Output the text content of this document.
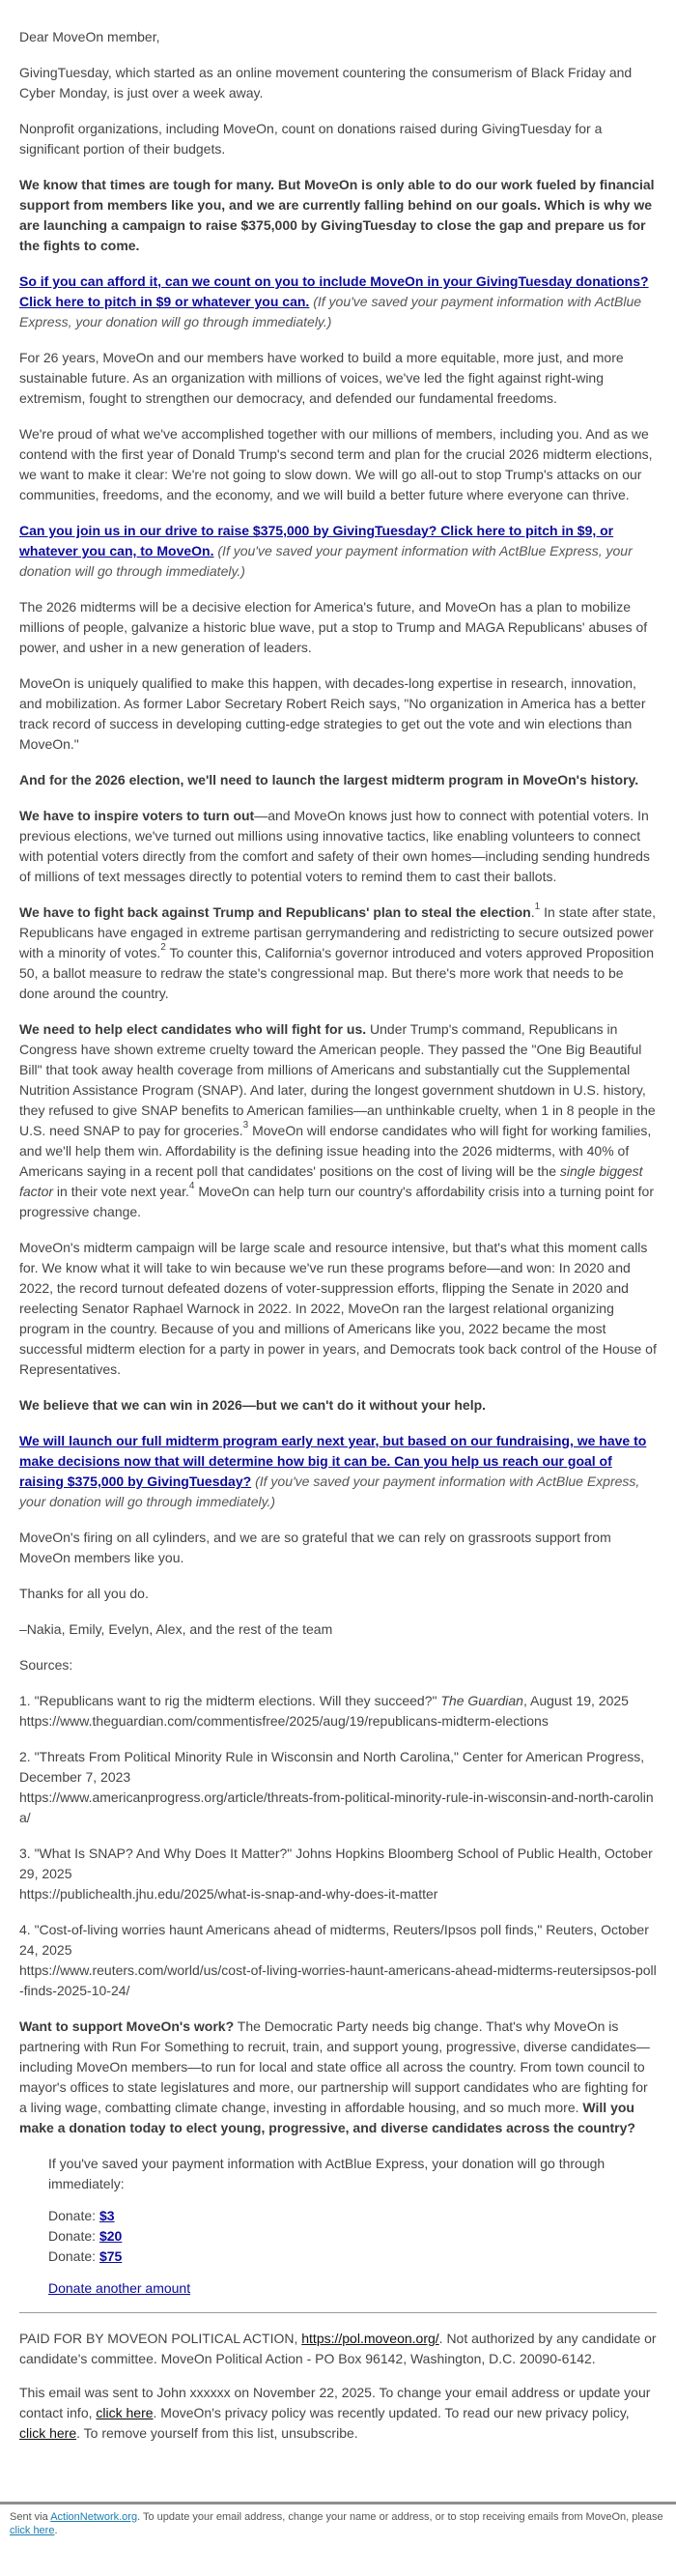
Dear MoveOn member,

GivingTuesday, which started as an online movement countering the consumerism of Black Friday and Cyber Monday, is just over a week away.

Nonprofit organizations, including MoveOn, count on donations raised during GivingTuesday for a significant portion of their budgets.

We know that times are tough for many. But MoveOn is only able to do our work fueled by financial support from members like you, and we are currently falling behind on our goals. Which is why we are launching a campaign to raise $375,000 by GivingTuesday to close the gap and prepare us for the fights to come.

So if you can afford it, can we count on you to include MoveOn in your GivingTuesday donations? Click here to pitch in $9 or whatever you can. (If you've saved your payment information with ActBlue Express, your donation will go through immediately.)

For 26 years, MoveOn and our members have worked to build a more equitable, more just, and more sustainable future. As an organization with millions of voices, we've led the fight against right-wing extremism, fought to strengthen our democracy, and defended our fundamental freedoms.

We're proud of what we've accomplished together with our millions of members, including you. And as we contend with the first year of Donald Trump's second term and plan for the crucial 2026 midterm elections, we want to make it clear: We're not going to slow down. We will go all-out to stop Trump's attacks on our communities, freedoms, and the economy, and we will build a better future where everyone can thrive.

Can you join us in our drive to raise $375,000 by GivingTuesday? Click here to pitch in $9, or whatever you can, to MoveOn. (If you've saved your payment information with ActBlue Express, your donation will go through immediately.)

The 2026 midterms will be a decisive election for America's future, and MoveOn has a plan to mobilize millions of people, galvanize a historic blue wave, put a stop to Trump and MAGA Republicans' abuses of power, and usher in a new generation of leaders.

MoveOn is uniquely qualified to make this happen, with decades-long expertise in research, innovation, and mobilization. As former Labor Secretary Robert Reich says, "No organization in America has a better track record of success in developing cutting-edge strategies to get out the vote and win elections than MoveOn."

And for the 2026 election, we'll need to launch the largest midterm program in MoveOn's history.

We have to inspire voters to turn out—and MoveOn knows just how to connect with potential voters. In previous elections, we've turned out millions using innovative tactics, like enabling volunteers to connect with potential voters directly from the comfort and safety of their own homes—including sending hundreds of millions of text messages directly to potential voters to remind them to cast their ballots.

We have to fight back against Trump and Republicans' plan to steal the election.$^1$ In state after state, Republicans have engaged in extreme partisan gerrymandering and redistricting to secure outsized power with a minority of votes.$^2$ To counter this, California's governor introduced and voters approved Proposition 50, a ballot measure to redraw the state's congressional map. But there's more work that needs to be done around the country.

We need to help elect candidates who will fight for us. Under Trump's command, Republicans in Congress have shown extreme cruelty toward the American people. They passed the "One Big Beautiful Bill" that took away health coverage from millions of Americans and substantially cut the Supplemental Nutrition Assistance Program (SNAP). And later, during the longest government shutdown in U.S. history, they refused to give SNAP benefits to American families—an unthinkable cruelty, when 1 in 8 people in the U.S. need SNAP to pay for groceries.$^3$ MoveOn will endorse candidates who will fight for working families, and we'll help them win. Affordability is the defining issue heading into the 2026 midterms, with 40% of Americans saying in a recent poll that candidates' positions on the cost of living will be the single biggest factor in their vote next year.$^4$ MoveOn can help turn our country's affordability crisis into a turning point for progressive change.

MoveOn's midterm campaign will be large scale and resource intensive, but that's what this moment calls for. We know what it will take to win because we've run these programs before—and won: In 2020 and 2022, the record turnout defeated dozens of voter-suppression efforts, flipping the Senate in 2020 and reelecting Senator Raphael Warnock in 2022. In 2022, MoveOn ran the largest relational organizing program in the country. Because of you and millions of Americans like you, 2022 became the most successful midterm election for a party in power in years, and Democrats took back control of the House of Representatives.

We believe that we can win in 2026—but we can't do it without your help.

We will launch our full midterm program early next year, but based on our fundraising, we have to make decisions now that will determine how big it can be. Can you help us reach our goal of raising $375,000 by GivingTuesday? (If you've saved your payment information with ActBlue Express, your donation will go through immediately.)

MoveOn's firing on all cylinders, and we are so grateful that we can rely on grassroots support from MoveOn members like you.

Thanks for all you do.

–Nakia, Emily, Evelyn, Alex, and the rest of the team

Sources:

1. "Republicans want to rig the midterm elections. Will they succeed?" The Guardian, August 19, 2025
https://www.theguardian.com/commentisfree/2025/aug/19/republicans-midterm-elections

2. "Threats From Political Minority Rule in Wisconsin and North Carolina," Center for American Progress, December 7, 2023
https://www.americanprogress.org/article/threats-from-political-minority-rule-in-wisconsin-and-north-carolina/

3. "What Is SNAP? And Why Does It Matter?" Johns Hopkins Bloomberg School of Public Health, October 29, 2025
https://publichealth.jhu.edu/2025/what-is-snap-and-why-does-it-matter

4. "Cost-of-living worries haunt Americans ahead of midterms, Reuters/Ipsos poll finds," Reuters, October 24, 2025
https://www.reuters.com/world/us/cost-of-living-worries-haunt-americans-ahead-midterms-reutersipsos-poll-finds-2025-10-24/

Want to support MoveOn's work? The Democratic Party needs big change. That's why MoveOn is partnering with Run For Something to recruit, train, and support young, progressive, diverse candidates—including MoveOn members—to run for local and state office all across the country. From town council to mayor's offices to state legislatures and more, our partnership will support candidates who are fighting for a living wage, combatting climate change, investing in affordable housing, and so much more. Will you make a donation today to elect young, progressive, and diverse candidates across the country?

If you've saved your payment information with ActBlue Express, your donation will go through immediately:

Donate: $3

Donate: $20

Donate: $75

Donate another amount

PAID FOR BY MOVEON POLITICAL ACTION, https://pol.moveon.org/. Not authorized by any candidate or candidate's committee. MoveOn Political Action - PO Box 96142, Washington, D.C. 20090-6142.

This email was sent to John xxxxxx on November 22, 2025. To change your email address or update your contact info, click here. MoveOn's privacy policy was recently updated. To read our new privacy policy, click here. To remove yourself from this list, unsubscribe.

Sent via ActionNetwork.org. To update your email address, change your name or address, or to stop receiving emails from MoveOn, please click here.
